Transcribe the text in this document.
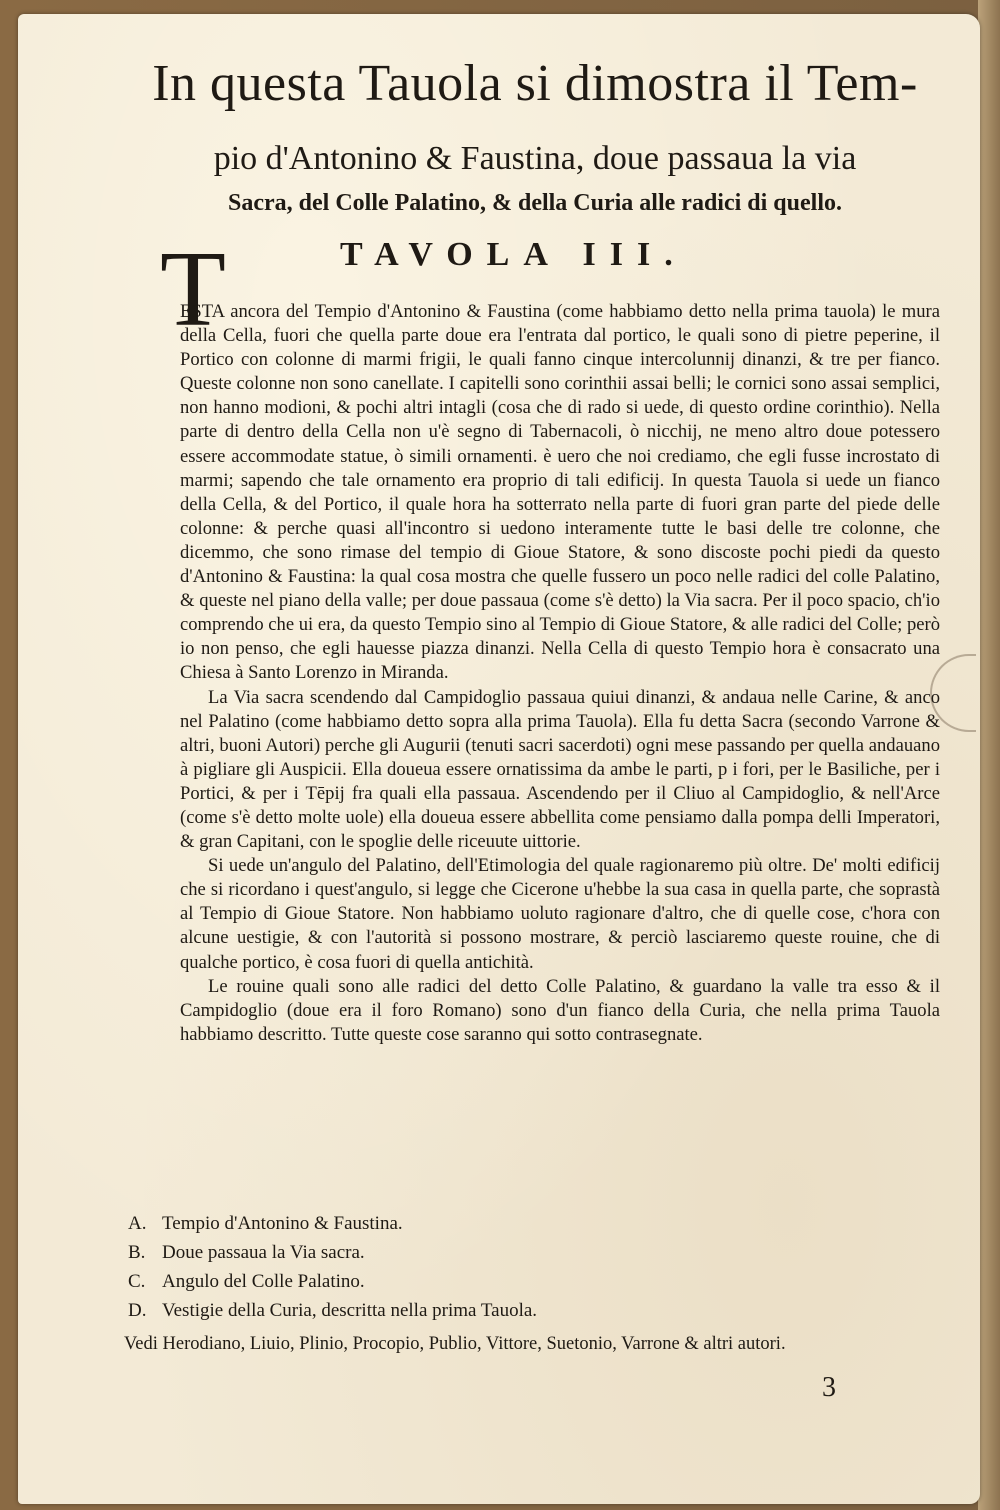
In questa Tauola si dimostra il Tem-
pio d'Antonino & Faustina, doue passaua la via
Sacra, del Colle Palatino, & della Curia alle radici di quello.
T	TAVOLA III.

ESTA ancora del Tempio d'Antonino & Faustina (come habbiamo detto nella prima tauola) le mura della Cella, fuori che quella parte doue era l'entrata dal portico, le quali sono di pietre peperine, il Portico con colonne di marmi frigii, le quali fanno cinque intercolunnij dinanzi, & tre per fianco. Queste colonne non sono canellate. I capitelli sono corinthii assai belli; le cornici sono assai semplici, non hanno modioni, & pochi altri intagli (cosa che di rado si uede, di questo ordine corinthio). Nella parte di dentro della Cella non u'è segno di Tabernacoli, ò nicchij, ne meno altro doue potessero essere accommodate statue, ò simili ornamenti. è uero che noi crediamo, che egli fusse incrostato di marmi; sapendo che tale ornamento era proprio di tali edificij. In questa Tauola si uede un fianco della Cella, & del Portico, il quale hora ha sotterrato nella parte di fuori gran parte del piede delle colonne: & perche quasi all'incontro si uedono interamente tutte le basi delle tre colonne, che dicemmo, che sono rimase del tempio di Gioue Statore, & sono discoste pochi piedi da questo d'Antonino & Faustina: la qual cosa mostra che quelle fussero un poco nelle radici del colle Palatino, & queste nel piano della valle; per doue passaua (come s'è detto) la Via sacra. Per il poco spacio, ch'io comprendo che ui era, da questo Tempio sino al Tempio di Gioue Statore, & alle radici del Colle; però io non penso, che egli hauesse piazza dinanzi. Nella Cella di questo Tempio hora è consacrato una Chiesa à Santo Lorenzo in Miranda.

La Via sacra scendendo dal Campidoglio passaua quiui dinanzi, & andaua nelle Carine, & anco nel Palatino (come habbiamo detto sopra alla prima Tauola). Ella fu detta Sacra (secondo Varrone & altri, buoni Autori) perche gli Augurii (tenuti sacri sacerdoti) ogni mese passando per quella andauano à pigliare gli Auspicii. Ella doueua essere ornatissima da ambe le parti, p i fori, per le Basiliche, per i Portici, & per i Tēpij fra quali ella passaua. Ascendendo per il Cliuo al Campidoglio, & nell'Arce (come s'è detto molte uole) ella doueua essere abbellita come pensiamo dalla pompa delli Imperatori, & gran Capitani, con le spoglie delle riceuute uittorie.

Si uede un'angulo del Palatino, dell'Etimologia del quale ragionaremo più oltre. De' molti edificij che si ricordano i quest'angulo, si legge che Cicerone u'hebbe la sua casa in quella parte, che soprastà al Tempio di Gioue Statore. Non habbiamo uoluto ragionare d'altro, che di quelle cose, c'hora con alcune uestigie, & con l'autorità si possono mostrare, & perciò lasciaremo queste rouine, che di qualche portico, è cosa fuori di quella antichità.

Le rouine quali sono alle radici del detto Colle Palatino, & guardano la valle tra esso & il Campidoglio (doue era il foro Romano) sono d'un fianco della Curia, che nella prima Tauola habbiamo descritto. Tutte queste cose saranno qui sotto contrasegnate.

A. Tempio d'Antonino & Faustina.
B. Doue passaua la Via sacra.
C. Angulo del Colle Palatino.
D. Vestigie della Curia, descritta nella prima Tauola.
Vedi Herodiano, Liuio, Plinio, Procopio, Publio, Vittore, Suetonio, Varrone & altri autori.
3
